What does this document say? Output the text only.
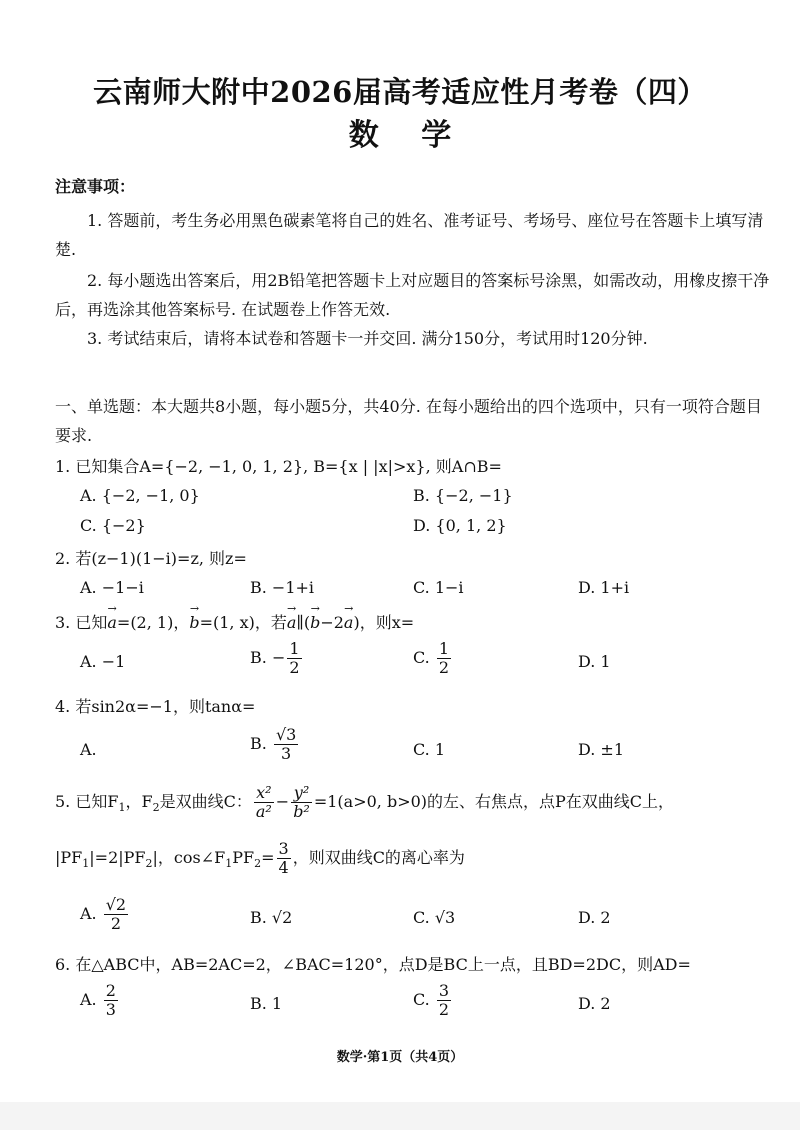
云南师大附中2026届高考适应性月考卷（四）
数 学
注意事项：
1. 答题前，考生务必用黑色碳素笔将自己的姓名、准考证号、考场号、座位号在答题卡上填写清楚.
2. 每小题选出答案后，用2B铅笔把答题卡上对应题目的答案标号涂黑，如需改动，用橡皮擦干净后，再选涂其他答案标号. 在试题卷上作答无效.
3. 考试结束后，请将本试卷和答题卡一并交回. 满分150分，考试用时120分钟.
一、单选题：本大题共8小题，每小题5分，共40分. 在每小题给出的四个选项中，只有一项符合题目要求.
1. 已知集合A={−2, −1, 0, 1, 2}, B={x | |x|>x}, 则A∩B=
A. {−2, −1, 0}	B. {−2, −1}
C. {−2}	D. {0, 1, 2}
2. 若(z−1)(1−i)=z, 则z=
A. −1−i	B. −1+i	C. 1−i	D. 1+i
3. 已知→ a=(2, 1)，→ b=(1, x)，若→ a∥(→ b−2→ a)，则x=
A. −1	B. − $\frac{1}{2}$	C. $\frac{1}{2}$	D. 1
4. 若sin2α=−1，则tanα=
A.	B. $\frac{√3}{3}$	C. 1	D. ±1
5. 已知$F_1$，$F_2$是双曲线C： $\frac{\text{x²}}{\text{a²}} - \frac{\text{y²}}{\text{b²}} =1(a>0$, b>0)的左、右焦点，点P在双曲线C上，
$|PF_1|=2|PF_2|$，$\cos\angle F_1PF_2= \frac{3}{4}$ ，则双曲线C的离心率为
A. $\frac{√2}{2}$	B. √2	C. √3	D. 2
6. 在△ABC中，AB=2AC=2，∠BAC=120°，点D是BC上一点，且BD=2DC，则AD=
A. $\frac{2}{3}$	B. 1	C. $\frac{3}{2}$	D. 2
数学·第1页（共4页）
